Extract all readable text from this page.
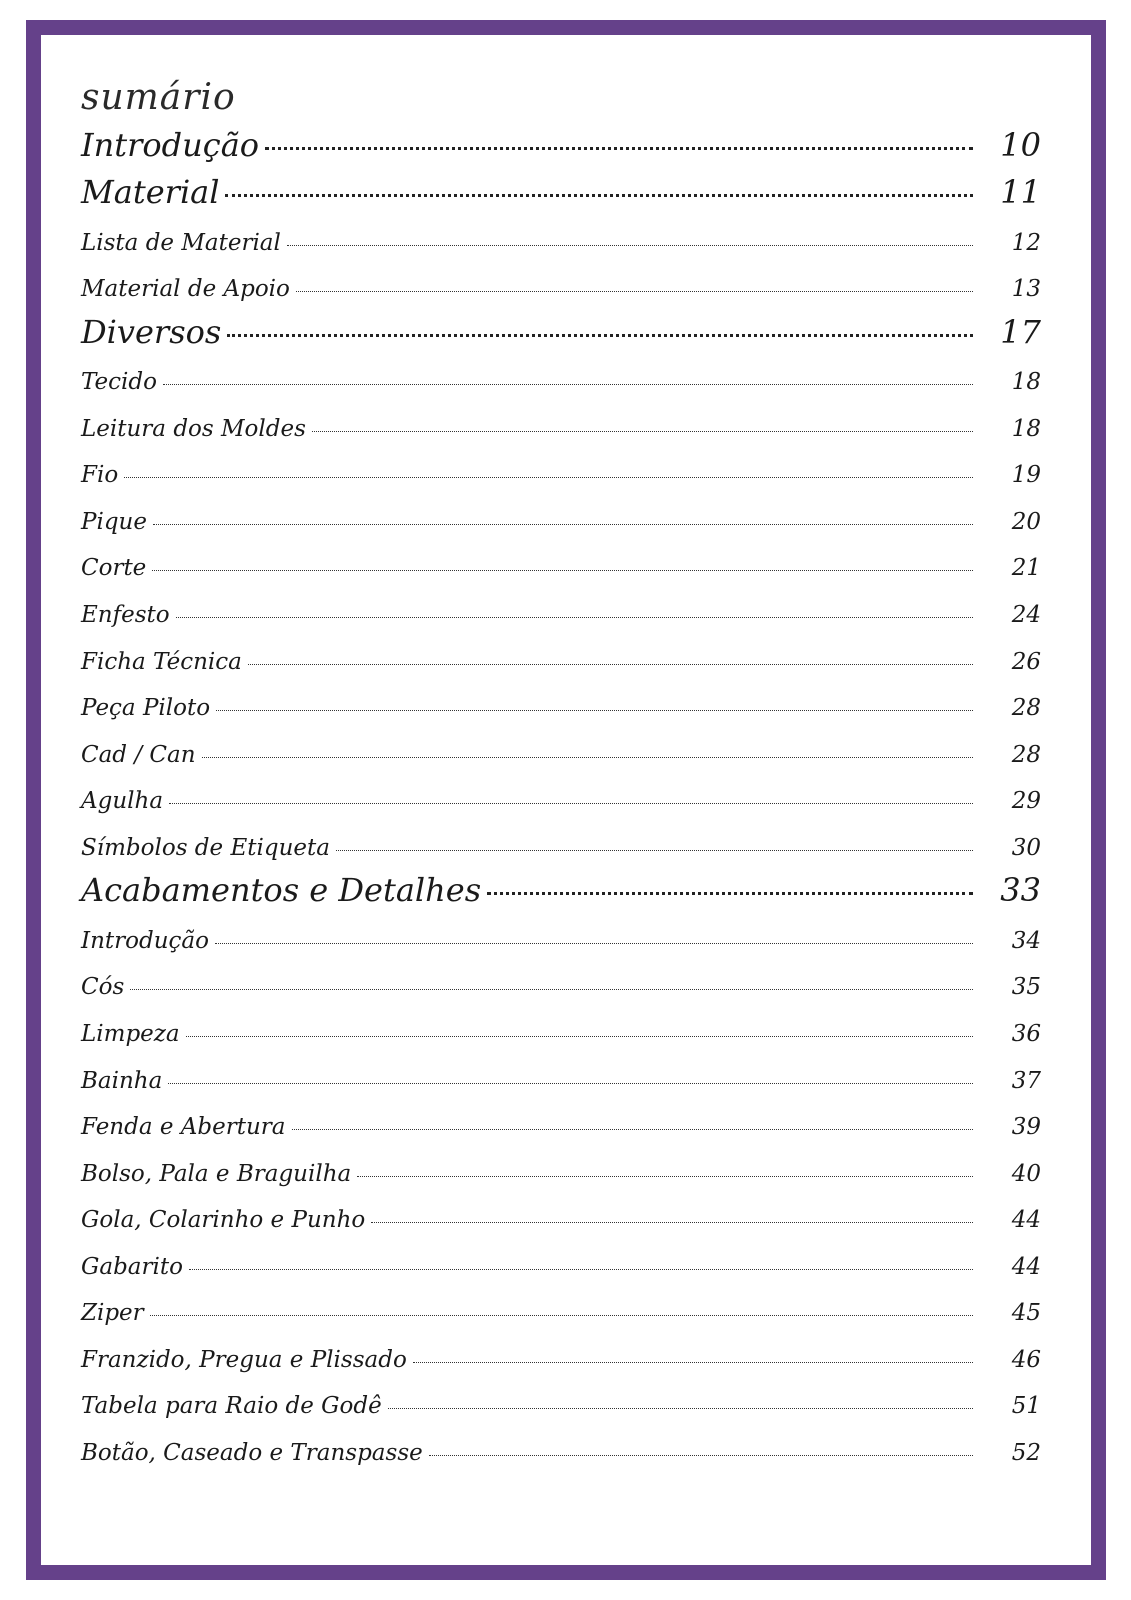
sumário
Introdução	10
Material	11
Lista de Material	12
Material de Apoio	13
Diversos	17
Tecido	18
Leitura dos Moldes	18
Fio	19
Pique	20
Corte	21
Enfesto	24
Ficha Técnica	26
Peça Piloto	28
Cad / Can	28
Agulha	29
Símbolos de Etiqueta	30
Acabamentos e Detalhes	33
Introdução	34
Cós	35
Limpeza	36
Bainha	37
Fenda e Abertura	39
Bolso, Pala e Braguilha	40
Gola, Colarinho e Punho	44
Gabarito	44
Ziper	45
Franzido, Pregua e Plissado	46
Tabela para Raio de Godê	51
Botão, Caseado e Transpasse	52
